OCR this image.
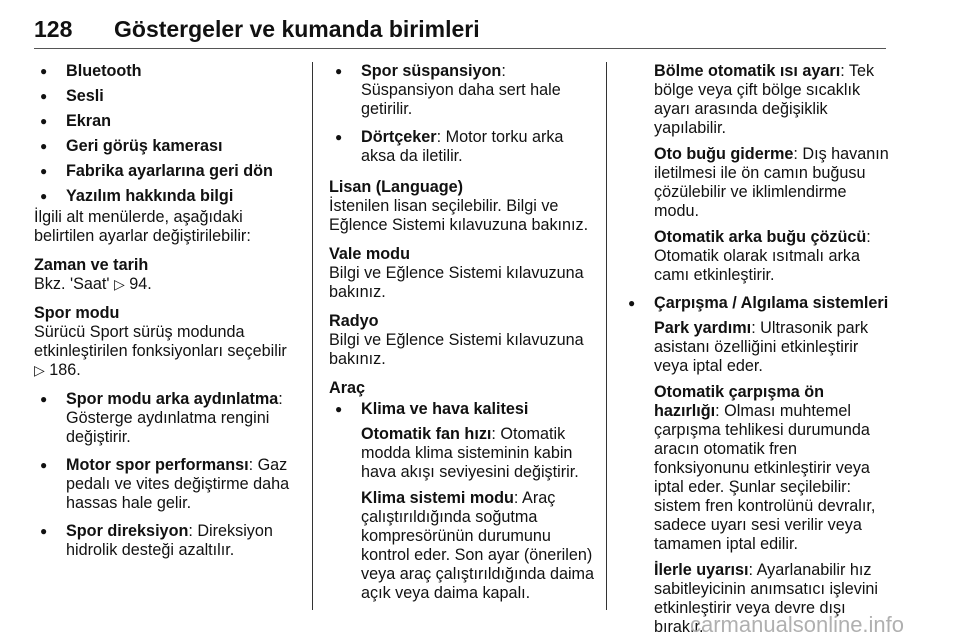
128 Göstergeler ve kumanda birimleri
● Bluetooth
● Sesli
● Ekran
● Geri görüş kamerası
● Fabrika ayarlarına geri dön
● Yazılım hakkında bilgi

İlgili alt menülerde, aşağıdaki belirtilen ayarlar değiştirilebilir:

Zaman ve tarih
Bkz. 'Saat' ▷ 94.
Spor modu
Sürücü Sport sürüş modunda etkinleştirilen fonksiyonları seçebilir ▷ 186.
● Spor modu arka aydınlatma: Gösterge aydınlatma rengini değiştirir.
● Motor spor performansı: Gaz pedalı ve vites değiştirme daha hassas hale gelir.
● Spor direksiyon: Direksiyon hidrolik desteği azaltılır.
● Spor süspansiyon: Süspansiyon daha sert hale getirilir.
● Dörtçeker: Motor torku arka aksa da iletilir.
Lisan (Language)
İstenilen lisan seçilebilir. Bilgi ve Eğlence Sistemi kılavuzuna bakınız.
Vale modu
Bilgi ve Eğlence Sistemi kılavuzuna bakınız.
Radyo
Bilgi ve Eğlence Sistemi kılavuzuna bakınız.
Araç
● Klima ve hava kalitesi
Otomatik fan hızı: Otomatik modda klima sisteminin kabin hava akışı seviyesini değiştirir.
Klima sistemi modu: Araç çalıştırıldığında soğutma kompresörünün durumunu kontrol eder. Son ayar (önerilen) veya araç çalıştırıldığında daima açık veya daima kapalı.
Bölme otomatik ısı ayarı: Tek bölge veya çift bölge sıcaklık ayarı arasında değişiklik yapılabilir.
Oto buğu giderme: Dış havanın iletilmesi ile ön camın buğusu çözülebilir ve iklimlendirme modu.
Otomatik arka buğu çözücü: Otomatik olarak ısıtmalı arka camı etkinleştirir.
● Çarpışma / Algılama sistemleri
Park yardımı: Ultrasonik park asistanı özelliğini etkinleştirir veya iptal eder.
Otomatik çarpışma ön hazırlığı: Olması muhtemel çarpışma tehlikesi durumunda aracın otomatik fren fonksiyonunu etkinleştirir veya iptal eder. Şunlar seçilebilir: sistem fren kontrolünü devralır, sadece uyarı sesi verilir veya tamamen iptal edilir.
İlerle uyarısı: Ayarlanabilir hız sabitleyicinin anımsatıcı işlevini etkinleştirir veya devre dışı bırakır.
carmanualsonline.info
